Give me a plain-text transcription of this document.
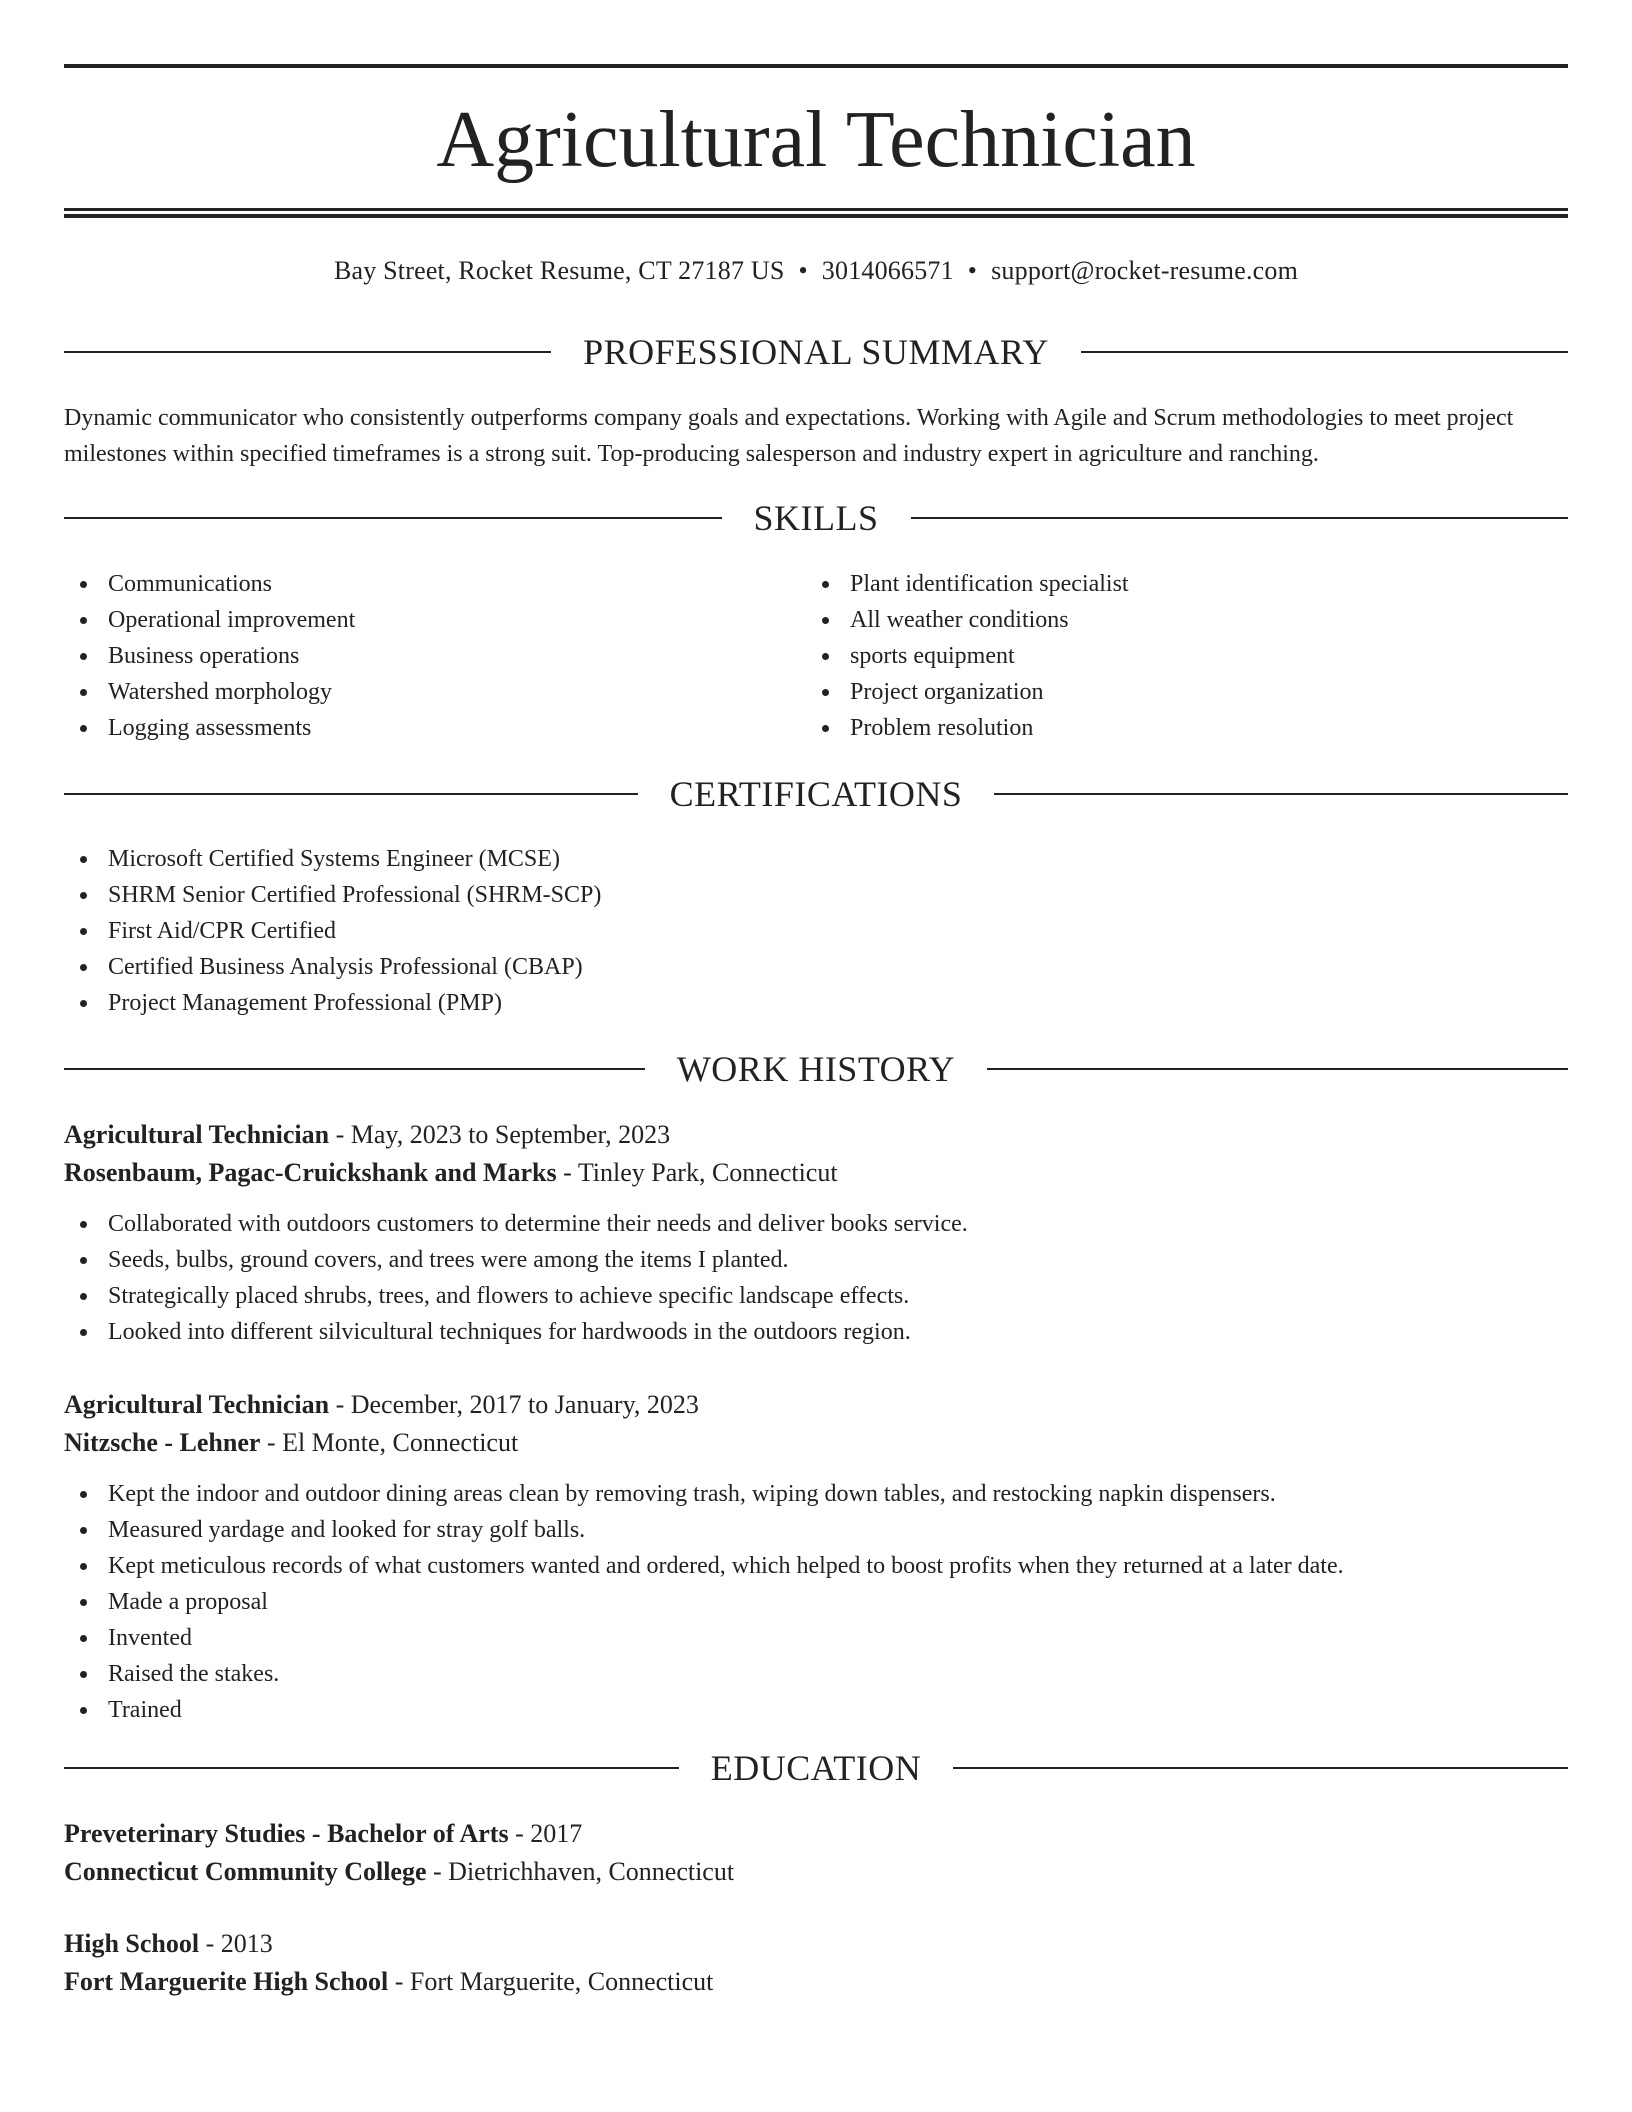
Agricultural Technician
Bay Street, Rocket Resume, CT 27187 US • 3014066571 • support@rocket-resume.com
PROFESSIONAL SUMMARY

Dynamic communicator who consistently outperforms company goals and expectations. Working with Agile and Scrum methodologies to meet project milestones within specified timeframes is a strong suit. Top-producing salesperson and industry expert in agriculture and ranching.

SKILLS
Communications
Operational improvement
Business operations
Watershed morphology
Logging assessments
Plant identification specialist
All weather conditions
sports equipment
Project organization
Problem resolution
CERTIFICATIONS
Microsoft Certified Systems Engineer (MCSE)
SHRM Senior Certified Professional (SHRM-SCP)
First Aid/CPR Certified
Certified Business Analysis Professional (CBAP)
Project Management Professional (PMP)
WORK HISTORY
Agricultural Technician - May, 2023 to September, 2023
Rosenbaum, Pagac-Cruickshank and Marks - Tinley Park, Connecticut
Collaborated with outdoors customers to determine their needs and deliver books service.
Seeds, bulbs, ground covers, and trees were among the items I planted.
Strategically placed shrubs, trees, and flowers to achieve specific landscape effects.
Looked into different silvicultural techniques for hardwoods in the outdoors region.
Agricultural Technician - December, 2017 to January, 2023
Nitzsche - Lehner - El Monte, Connecticut
Kept the indoor and outdoor dining areas clean by removing trash, wiping down tables, and restocking napkin dispensers.
Measured yardage and looked for stray golf balls.
Kept meticulous records of what customers wanted and ordered, which helped to boost profits when they returned at a later date.
Made a proposal
Invented
Raised the stakes.
Trained
EDUCATION
Preveterinary Studies - Bachelor of Arts - 2017
Connecticut Community College - Dietrichhaven, Connecticut
High School - 2013
Fort Marguerite High School - Fort Marguerite, Connecticut
